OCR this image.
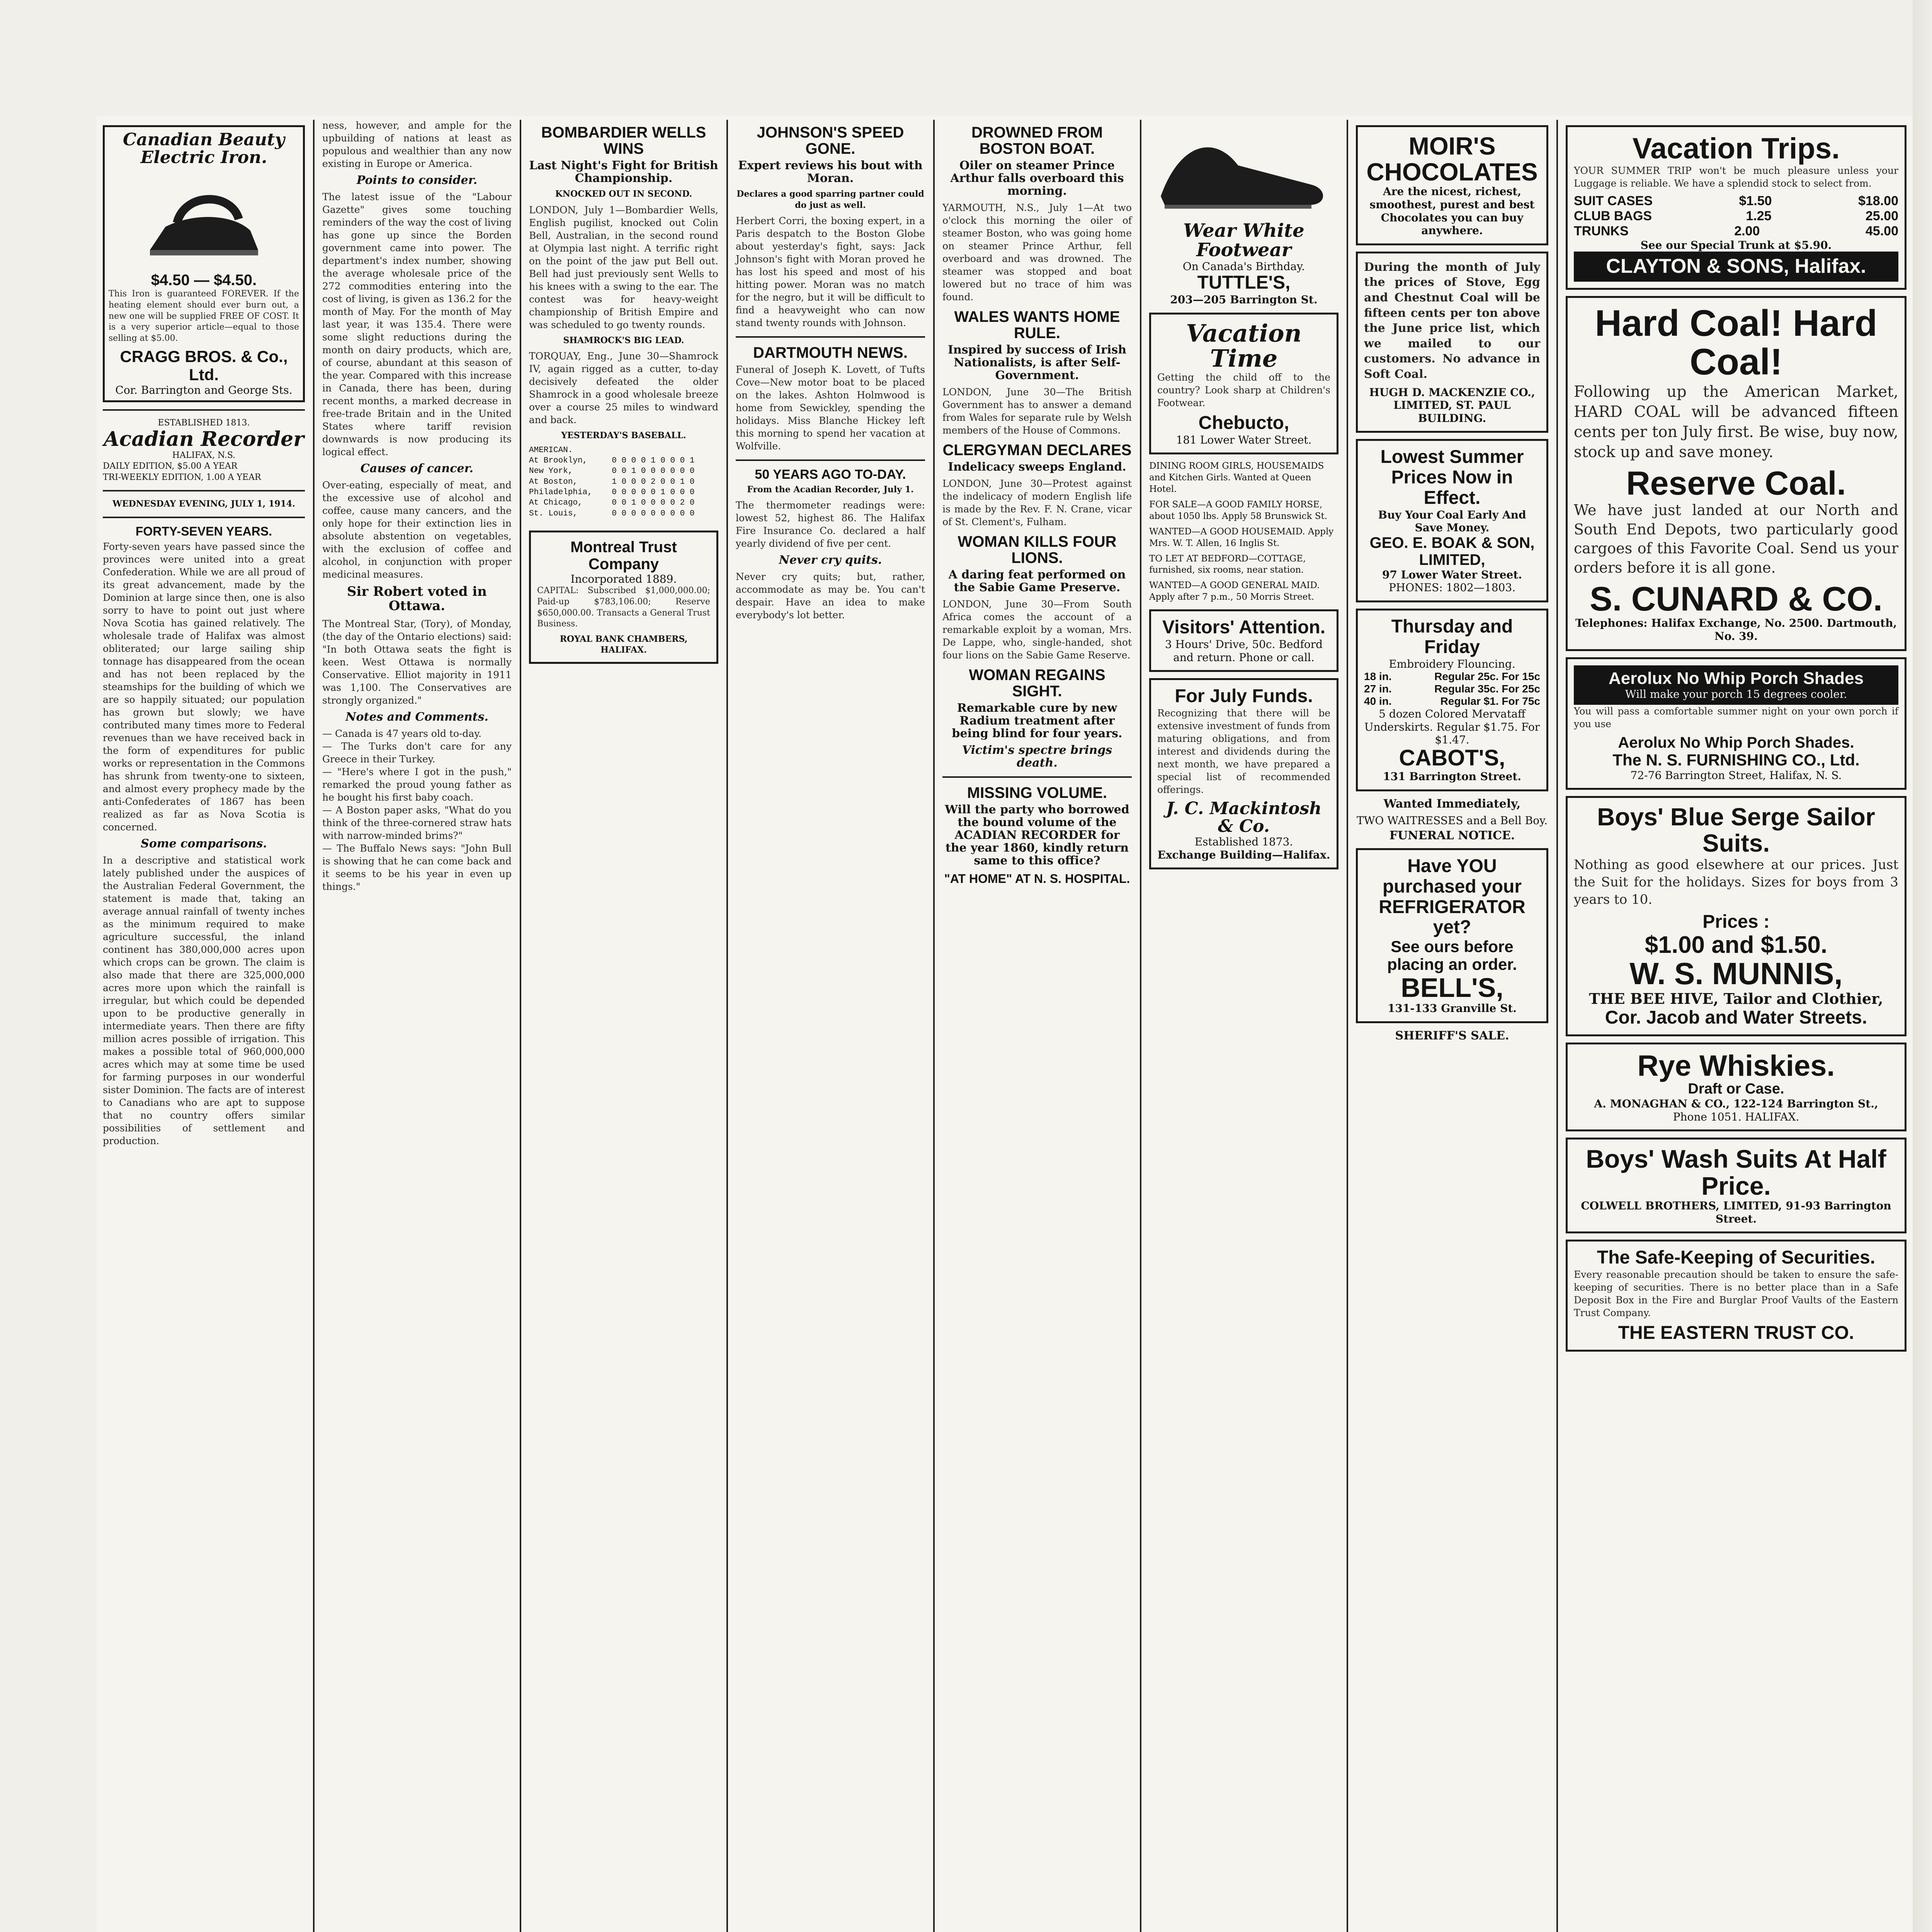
Canadian Beauty Electric Iron.
$4.50 — $4.50.

This Iron is guaranteed FOREVER. If the heating element should ever burn out, a new one will be supplied FREE OF COST. It is a very superior article—equal to those selling at $5.00.

CRAGG BROS. & Co., Ltd.
Cor. Barrington and George Sts.
ESTABLISHED 1813.
Acadian Recorder
HALIFAX, N.S.
DAILY EDITION, $5.00 A YEAR
TRI-WEEKLY EDITION, 1.00 A YEAR
WEDNESDAY EVENING, JULY 1, 1914.
FORTY-SEVEN YEARS.

Forty-seven years have passed since the provinces were united into a great Confederation. While we are all proud of its great advancement, made by the Dominion at large since then, one is also sorry to have to point out just where Nova Scotia has gained relatively. The wholesale trade of Halifax was almost obliterated; our large sailing ship tonnage has disappeared from the ocean and has not been replaced by the steamships for the building of which we are so happily situated; our population has grown but slowly; we have contributed many times more to Federal revenues than we have received back in the form of expenditures for public works or representation in the Commons has shrunk from twenty-one to sixteen, and almost every prophecy made by the anti-Confederates of 1867 has been realized as far as Nova Scotia is concerned.

Some comparisons.

In a descriptive and statistical work lately published under the auspices of the Australian Federal Government, the statement is made that, taking an average annual rainfall of twenty inches as the minimum required to make agriculture successful, the inland continent has 380,000,000 acres upon which crops can be grown. The claim is also made that there are 325,000,000 acres more upon which the rainfall is irregular, but which could be depended upon to be productive generally in intermediate years. Then there are fifty million acres possible of irrigation. This makes a possible total of 960,000,000 acres which may at some time be used for farming purposes in our wonderful sister Dominion. The facts are of interest to Canadians who are apt to suppose that no country offers similar possibilities of settlement and production.

ness, however, and ample for the upbuilding of nations at least as populous and wealthier than any now existing in Europe or America.

Points to consider.

The latest issue of the "Labour Gazette" gives some touching reminders of the way the cost of living has gone up since the Borden government came into power. The department's index number, showing the average wholesale price of the 272 commodities entering into the cost of living, is given as 136.2 for the month of May. For the month of May last year, it was 135.4. There were some slight reductions during the month on dairy products, which are, of course, abundant at this season of the year. Compared with this increase in Canada, there has been, during recent months, a marked decrease in free-trade Britain and in the United States where tariff revision downwards is now producing its logical effect.

Causes of cancer.

Over-eating, especially of meat, and the excessive use of alcohol and coffee, cause many cancers, and the only hope for their extinction lies in absolute abstention on vegetables, with the exclusion of coffee and alcohol, in conjunction with proper medicinal measures.

Sir Robert voted in Ottawa.

The Montreal Star, (Tory), of Monday, (the day of the Ontario elections) said: "In both Ottawa seats the fight is keen. West Ottawa is normally Conservative. Elliot majority in 1911 was 1,100. The Conservatives are strongly organized."

Notes and Comments.

— Canada is 47 years old to-day.
— The Turks don't care for any Greece in their Turkey.
— "Here's where I got in the push," remarked the proud young father as he bought his first baby coach.
— A Boston paper asks, "What do you think of the three-cornered straw hats with narrow-minded brims?"
— The Buffalo News says: "John Bull is showing that he can come back and it seems to be his year in even up things."

BOMBARDIER WELLS WINS
Last Night's Fight for British Championship.
KNOCKED OUT IN SECOND.

LONDON, July 1—Bombardier Wells, English pugilist, knocked out Colin Bell, Australian, in the second round at Olympia last night. A terrific right on the point of the jaw put Bell out. Bell had just previously sent Wells to his knees with a swing to the ear. The contest was for heavy-weight championship of British Empire and was scheduled to go twenty rounds.

SHAMROCK'S BIG LEAD.

TORQUAY, Eng., June 30—Shamrock IV, again rigged as a cutter, to-day decisively defeated the older Shamrock in a good wholesale breeze over a course 25 miles to windward and back.

YESTERDAY'S BASEBALL.
AMERICAN.
At Brooklyn,     0 0 0 0 1 0 0 0 1
New York,        0 0 1 0 0 0 0 0 0
At Boston,       1 0 0 0 2 0 0 1 0
Philadelphia,    0 0 0 0 0 1 0 0 0
At Chicago,      0 0 1 0 0 0 0 2 0
St. Louis,       0 0 0 0 0 0 0 0 0
Montreal Trust Company
Incorporated 1889.

CAPITAL: Subscribed $1,000,000.00; Paid-up $783,106.00; Reserve $650,000.00. Transacts a General Trust Business.

ROYAL BANK CHAMBERS, HALIFAX.
JOHNSON'S SPEED GONE.
Expert reviews his bout with Moran.
Declares a good sparring partner could do just as well.

Herbert Corri, the boxing expert, in a Paris despatch to the Boston Globe about yesterday's fight, says: Jack Johnson's fight with Moran proved he has lost his speed and most of his hitting power. Moran was no match for the negro, but it will be difficult to find a heavyweight who can now stand twenty rounds with Johnson.

DARTMOUTH NEWS.

Funeral of Joseph K. Lovett, of Tufts Cove—New motor boat to be placed on the lakes. Ashton Holmwood is home from Sewickley, spending the holidays. Miss Blanche Hickey left this morning to spend her vacation at Wolfville.

50 YEARS AGO TO-DAY.
From the Acadian Recorder, July 1.

The thermometer readings were: lowest 52, highest 86. The Halifax Fire Insurance Co. declared a half yearly dividend of five per cent.

Never cry quits.

Never cry quits; but, rather, accommodate as may be. You can't despair. Have an idea to make everybody's lot better.

DROWNED FROM BOSTON BOAT.
Oiler on steamer Prince Arthur falls overboard this morning.

YARMOUTH, N.S., July 1—At two o'clock this morning the oiler of steamer Boston, who was going home on steamer Prince Arthur, fell overboard and was drowned. The steamer was stopped and boat lowered but no trace of him was found.

WALES WANTS HOME RULE.
Inspired by success of Irish Nationalists, is after Self-Government.

LONDON, June 30—The British Government has to answer a demand from Wales for separate rule by Welsh members of the House of Commons.

CLERGYMAN DECLARES
Indelicacy sweeps England.

LONDON, June 30—Protest against the indelicacy of modern English life is made by the Rev. F. N. Crane, vicar of St. Clement's, Fulham.

WOMAN KILLS FOUR LIONS.
A daring feat performed on the Sabie Game Preserve.

LONDON, June 30—From South Africa comes the account of a remarkable exploit by a woman, Mrs. De Lappe, who, single-handed, shot four lions on the Sabie Game Reserve.

WOMAN REGAINS SIGHT.
Remarkable cure by new Radium treatment after being blind for four years.
Victim's spectre brings death.
MISSING VOLUME.
Will the party who borrowed the bound volume of the ACADIAN RECORDER for the year 1860, kindly return same to this office?
"AT HOME" AT N. S. HOSPITAL.
Wear White Footwear
On Canada's Birthday.
TUTTLE'S,
203—205 Barrington St.
Vacation Time

Getting the child off to the country? Look sharp at Children's Footwear.

Chebucto,
181 Lower Water Street.
DINING ROOM GIRLS, HOUSEMAIDS and Kitchen Girls. Wanted at Queen Hotel.
FOR SALE—A GOOD FAMILY HORSE, about 1050 lbs. Apply 58 Brunswick St.
WANTED—A GOOD HOUSEMAID. Apply Mrs. W. T. Allen, 16 Inglis St.
TO LET AT BEDFORD—COTTAGE, furnished, six rooms, near station.
WANTED—A GOOD GENERAL MAID. Apply after 7 p.m., 50 Morris Street.
Visitors' Attention.
3 Hours' Drive, 50c. Bedford and return. Phone or call.
For July Funds.

Recognizing that there will be extensive investment of funds from maturing obligations, and from interest and dividends during the next month, we have prepared a special list of recommended offerings.

J. C. Mackintosh & Co.
Established 1873.
Exchange Building—Halifax.
MOIR'S CHOCOLATES
Are the nicest, richest, smoothest, purest and best Chocolates you can buy anywhere.

During the month of July the prices of Stove, Egg and Chestnut Coal will be fifteen cents per ton above the June price list, which we mailed to our customers. No advance in Soft Coal.

HUGH D. MACKENZIE CO., LIMITED, ST. PAUL BUILDING.
Lowest Summer Prices Now in Effect.
Buy Your Coal Early And Save Money.
GEO. E. BOAK & SON, LIMITED,
97 Lower Water Street.
PHONES: 1802—1803.
Thursday and Friday
Embroidery Flouncing.
18 in.	Regular 25c. For 15c
27 in.	Regular 35c. For 25c
40 in.	Regular $1. For 75c
5 dozen Colored Mervataff Underskirts. Regular $1.75. For $1.47.
CABOT'S,
131 Barrington Street.
Wanted Immediately,
TWO WAITRESSES and a Bell Boy.
FUNERAL NOTICE.
Have YOU purchased your REFRIGERATOR yet?
See ours before placing an order.
BELL'S,
131-133 Granville St.
SHERIFF'S SALE.
Vacation Trips.

YOUR SUMMER TRIP won't be much pleasure unless your Luggage is reliable. We have a splendid stock to select from.

SUIT CASES	$1.50	$18.00
CLUB BAGS	1.25	25.00
TRUNKS	2.00	45.00
See our Special Trunk at $5.90.
CLAYTON & SONS, Halifax.
Hard Coal! Hard Coal!

Following up the American Market, HARD COAL will be advanced fifteen cents per ton July first. Be wise, buy now, stock up and save money.

Reserve Coal.

We have just landed at our North and South End Depots, two particularly good cargoes of this Favorite Coal. Send us your orders before it is all gone.

S. CUNARD & CO.
Telephones: Halifax Exchange, No. 2500. Dartmouth, No. 39.
Aerolux No Whip Porch Shades
Will make your porch 15 degrees cooler.

You will pass a comfortable summer night on your own porch if you use

Aerolux No Whip Porch Shades.
The N. S. FURNISHING CO., Ltd.
72-76 Barrington Street, Halifax, N. S.
Boys' Blue Serge Sailor Suits.

Nothing as good elsewhere at our prices. Just the Suit for the holidays. Sizes for boys from 3 years to 10.

Prices :
$1.00 and $1.50.
W. S. MUNNIS,
THE BEE HIVE, Tailor and Clothier,
Cor. Jacob and Water Streets.
Rye Whiskies.
Draft or Case.
A. MONAGHAN & CO., 122-124 Barrington St.,
Phone 1051. HALIFAX.
Boys' Wash Suits At Half Price.
COLWELL BROTHERS, LIMITED, 91-93 Barrington Street.
The Safe-Keeping of Securities.

Every reasonable precaution should be taken to ensure the safe-keeping of securities. There is no better place than in a Safe Deposit Box in the Fire and Burglar Proof Vaults of the Eastern Trust Company.

THE EASTERN TRUST CO.
